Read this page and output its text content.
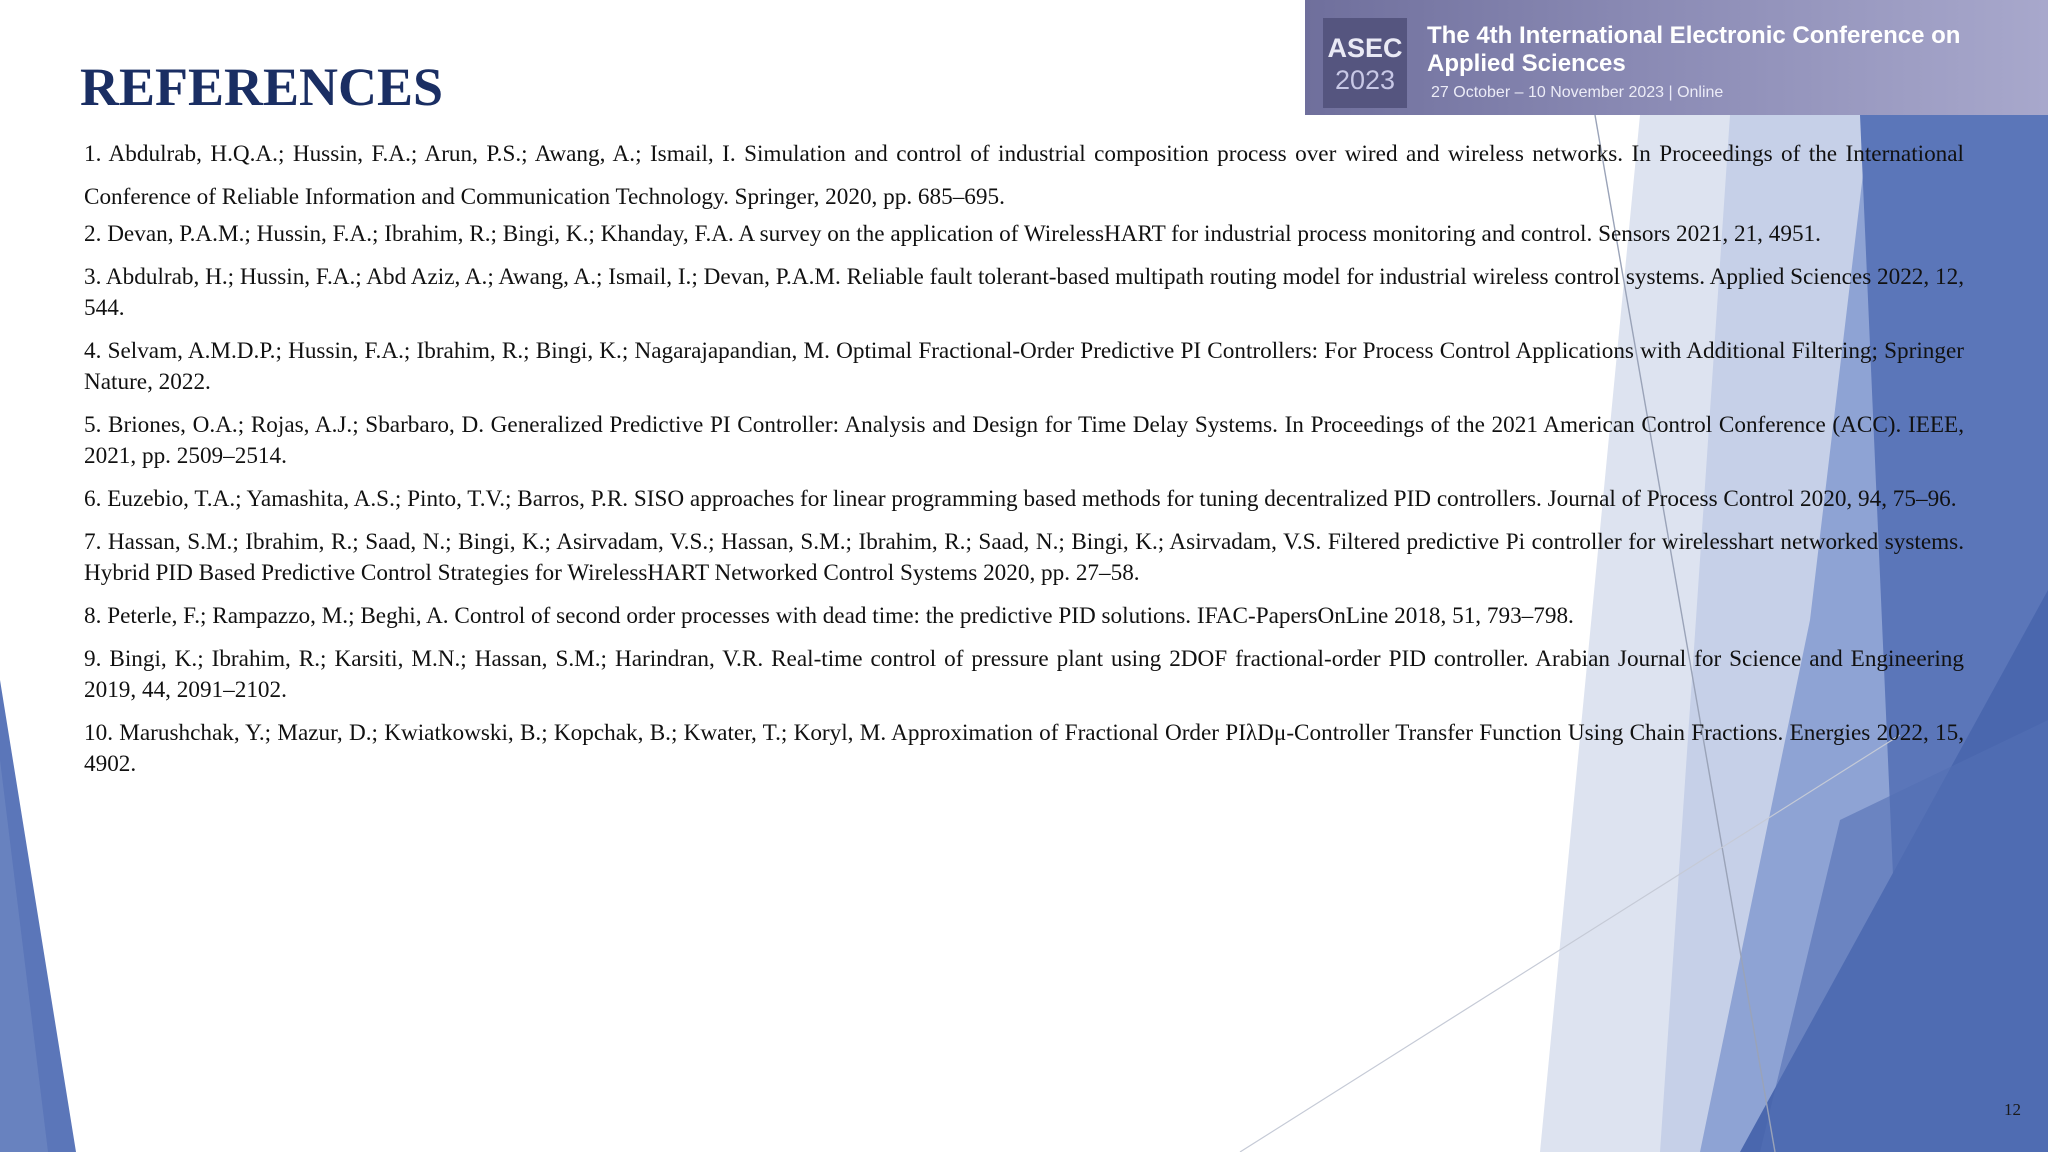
ASEC
2023
The 4th International Electronic Conference on Applied Sciences
27 October – 10 November 2023 | Online
REFERENCES
1. Abdulrab, H.Q.A.; Hussin, F.A.; Arun, P.S.; Awang, A.; Ismail, I. Simulation and control of industrial composition process over wired and wireless networks. In Proceedings of the International Conference of Reliable Information and Communication Technology. Springer, 2020, pp. 685–695.
2. Devan, P.A.M.; Hussin, F.A.; Ibrahim, R.; Bingi, K.; Khanday, F.A. A survey on the application of WirelessHART for industrial process monitoring and control. Sensors 2021, 21, 4951.
3. Abdulrab, H.; Hussin, F.A.; Abd Aziz, A.; Awang, A.; Ismail, I.; Devan, P.A.M. Reliable fault tolerant-based multipath routing model for industrial wireless control systems. Applied Sciences 2022, 12, 544.
4. Selvam, A.M.D.P.; Hussin, F.A.; Ibrahim, R.; Bingi, K.; Nagarajapandian, M. Optimal Fractional-Order Predictive PI Controllers: For Process Control Applications with Additional Filtering; Springer Nature, 2022.
5. Briones, O.A.; Rojas, A.J.; Sbarbaro, D. Generalized Predictive PI Controller: Analysis and Design for Time Delay Systems. In Proceedings of the 2021 American Control Conference (ACC). IEEE, 2021, pp. 2509–2514.
6. Euzebio, T.A.; Yamashita, A.S.; Pinto, T.V.; Barros, P.R. SISO approaches for linear programming based methods for tuning decentralized PID controllers. Journal of Process Control 2020, 94, 75–96.
7. Hassan, S.M.; Ibrahim, R.; Saad, N.; Bingi, K.; Asirvadam, V.S.; Hassan, S.M.; Ibrahim, R.; Saad, N.; Bingi, K.; Asirvadam, V.S. Filtered predictive Pi controller for wirelesshart networked systems. Hybrid PID Based Predictive Control Strategies for WirelessHART Networked Control Systems 2020, pp. 27–58.
8. Peterle, F.; Rampazzo, M.; Beghi, A. Control of second order processes with dead time: the predictive PID solutions. IFAC-PapersOnLine 2018, 51, 793–798.
9. Bingi, K.; Ibrahim, R.; Karsiti, M.N.; Hassan, S.M.; Harindran, V.R. Real-time control of pressure plant using 2DOF fractional-order PID controller. Arabian Journal for Science and Engineering 2019, 44, 2091–2102.
10. Marushchak, Y.; Mazur, D.; Kwiatkowski, B.; Kopchak, B.; Kwater, T.; Koryl, M. Approximation of Fractional Order PIλDμ-Controller Transfer Function Using Chain Fractions. Energies 2022, 15, 4902.
12
